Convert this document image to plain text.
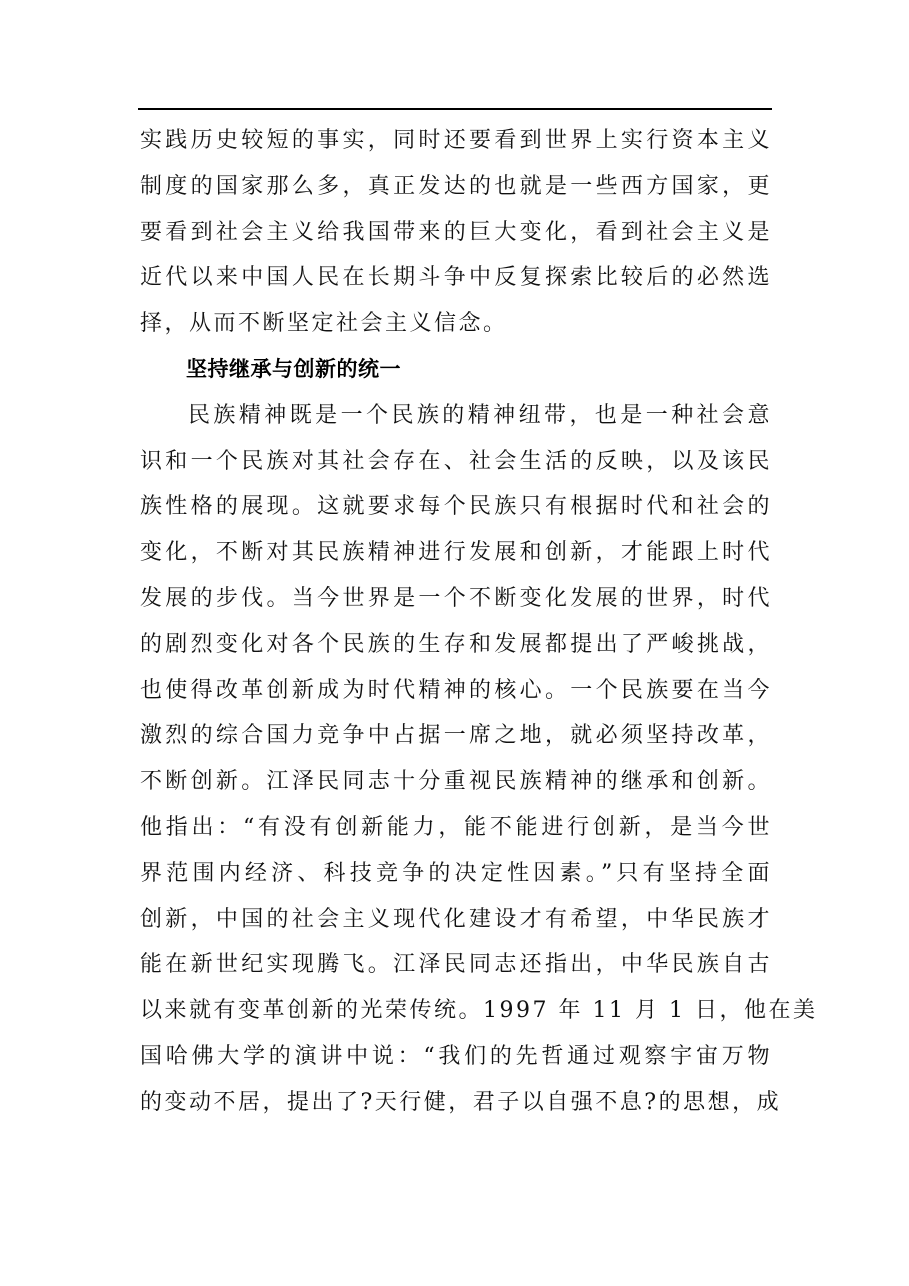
实践历史较短的事实，同时还要看到世界上实行资本主义
制度的国家那么多，真正发达的也就是一些西方国家，更
要看到社会主义给我国带来的巨大变化，看到社会主义是
近代以来中国人民在长期斗争中反复探索比较后的必然选
择，从而不断坚定社会主义信念。
坚持继承与创新的统一
民族精神既是一个民族的精神纽带，也是一种社会意
识和一个民族对其社会存在、社会生活的反映，以及该民
族性格的展现。这就要求每个民族只有根据时代和社会的
变化，不断对其民族精神进行发展和创新，才能跟上时代
发展的步伐。当今世界是一个不断变化发展的世界，时代
的剧烈变化对各个民族的生存和发展都提出了严峻挑战，
也使得改革创新成为时代精神的核心。一个民族要在当今
激烈的综合国力竞争中占据一席之地，就必须坚持改革，
不断创新。江泽民同志十分重视民族精神的继承和创新。
他指出：“有没有创新能力，能不能进行创新，是当今世
界范围内经济、科技竞争的决定性因素。”只有坚持全面
创新，中国的社会主义现代化建设才有希望，中华民族才
能在新世纪实现腾飞。江泽民同志还指出，中华民族自古
以来就有变革创新的光荣传统。1997 年 11 月 1 日，他在美
国哈佛大学的演讲中说：“我们的先哲通过观察宇宙万物
的变动不居，提出了?天行健，君子以自强不息?的思想，成
